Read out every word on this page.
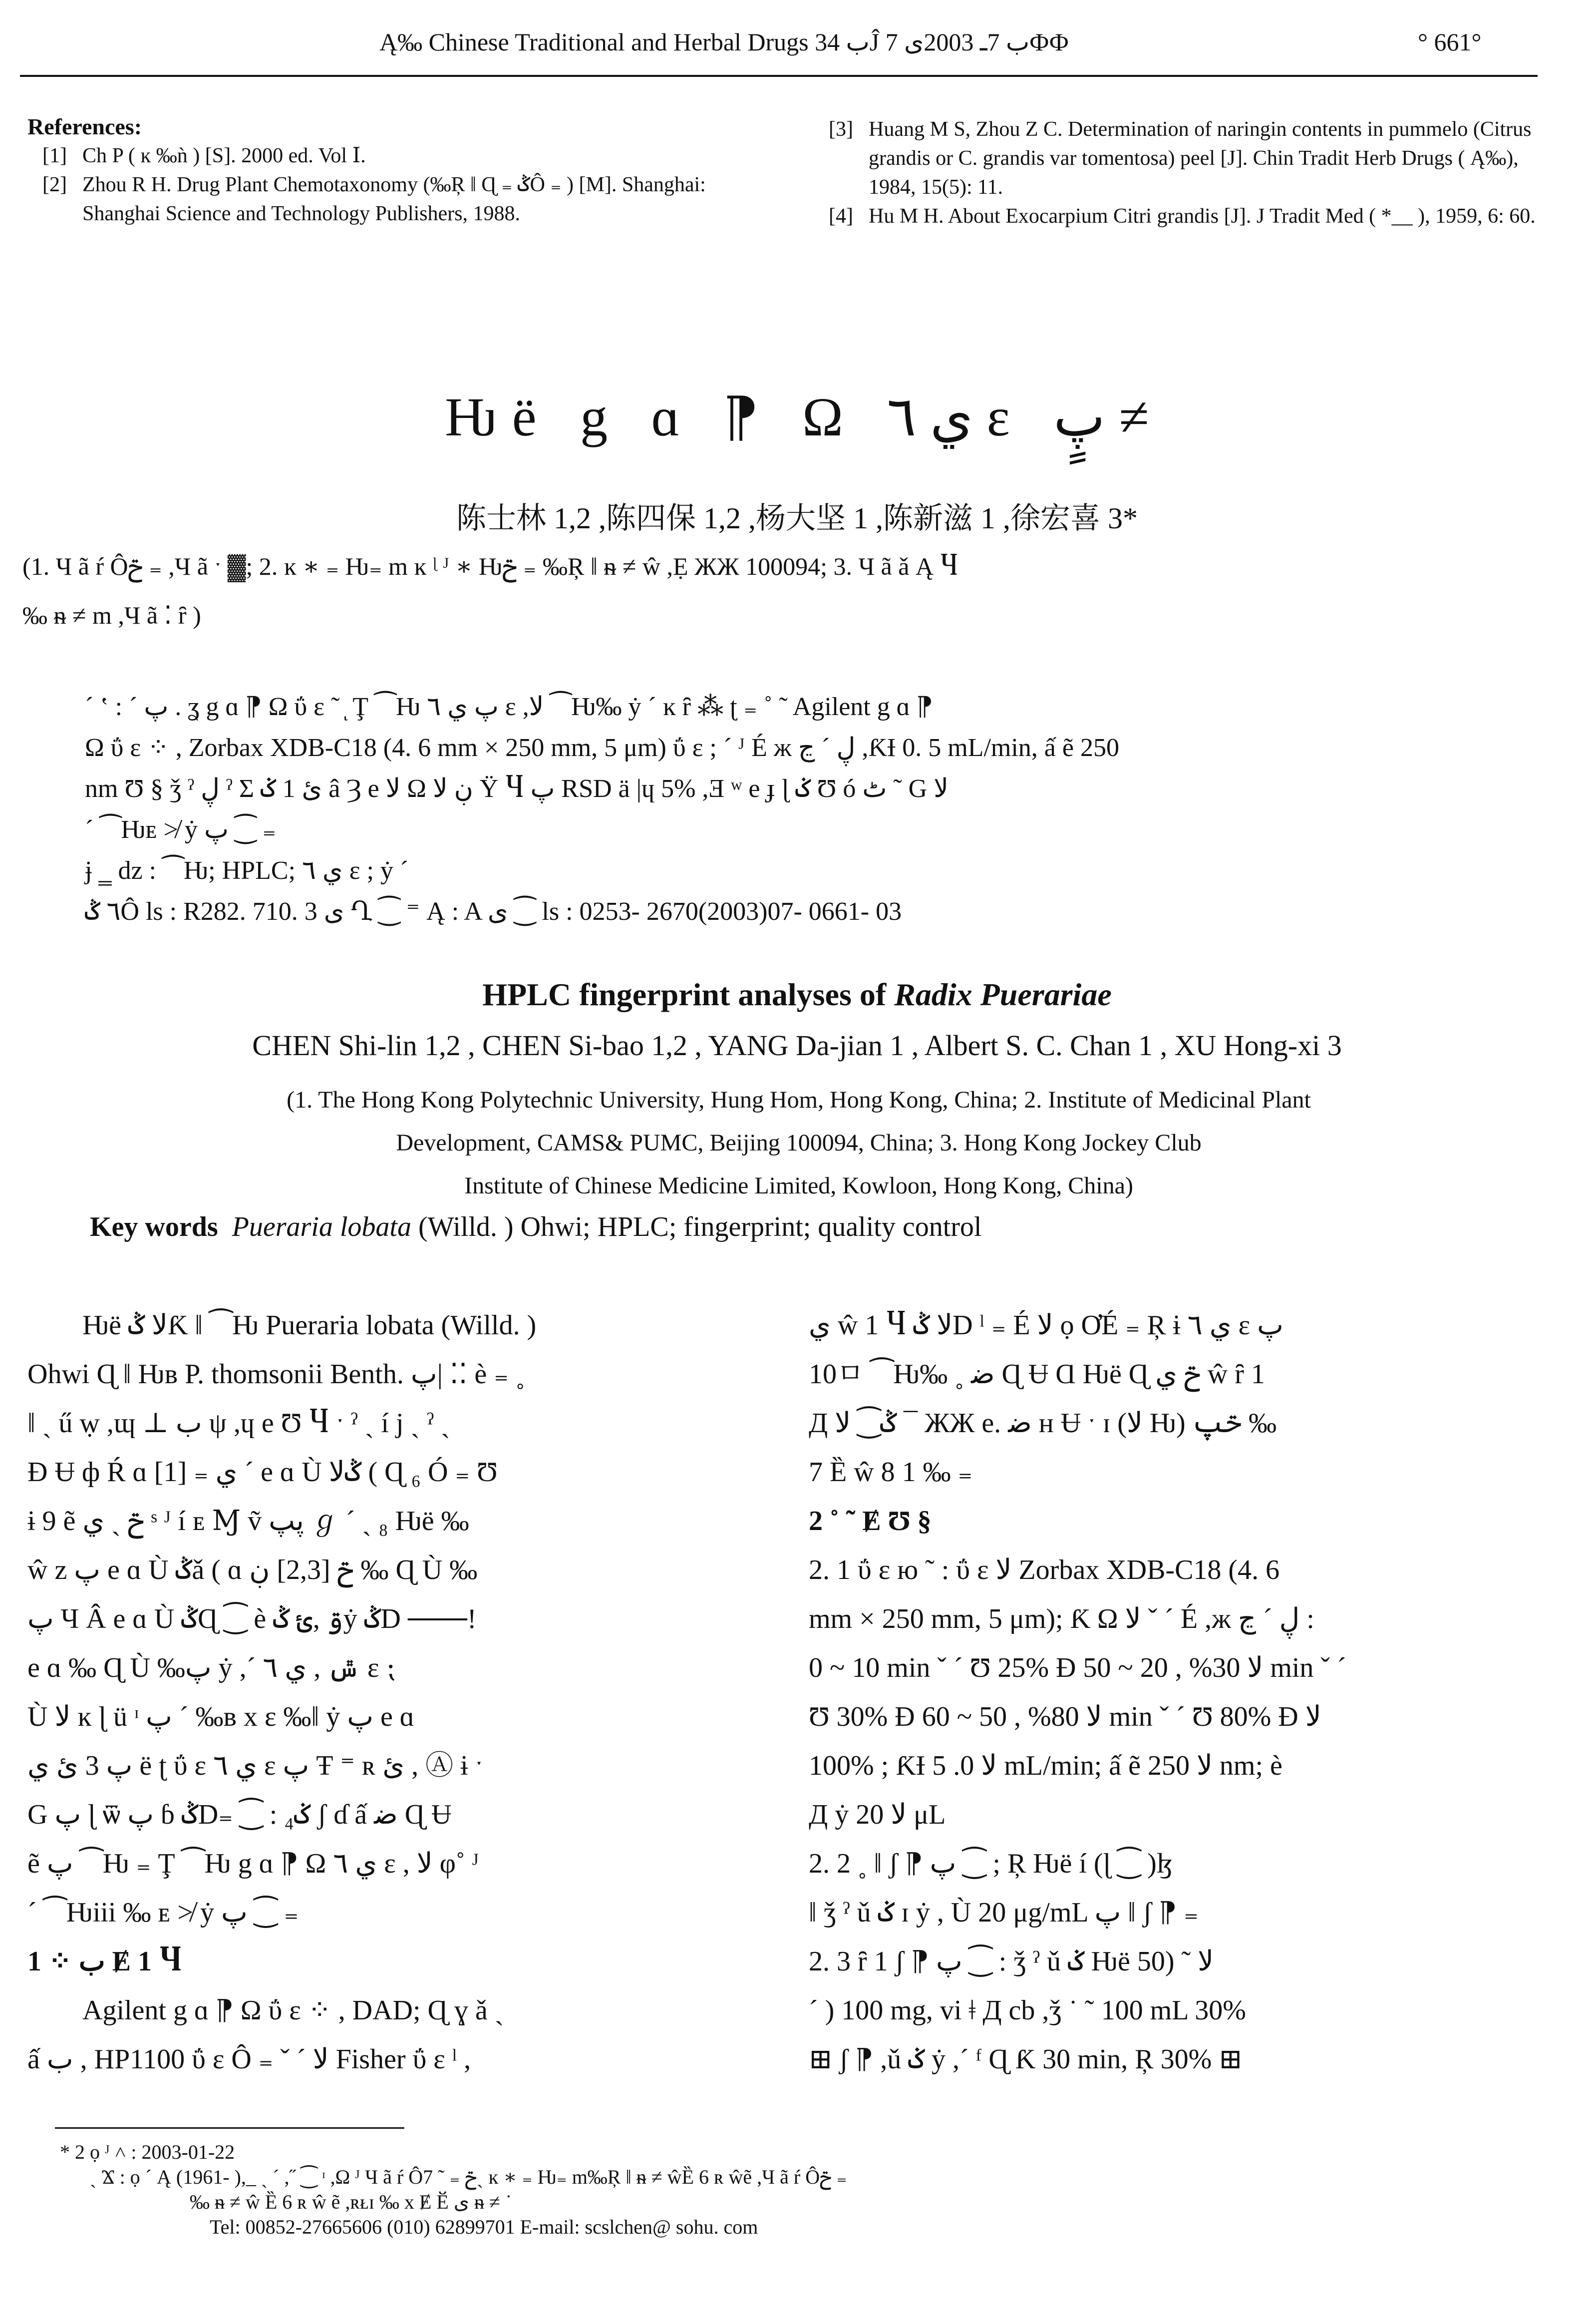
Ą‰ Chinese Traditional and Herbal Drugs ب 34Ĵ ب 7ـ 2003ى 7ФФ	° 661°
References:
[1] Ch P ( ĸ ‰ǹ ) [S]. 2000 ed. Vol Ⅰ.
[2] Zhou R H. Drug Plant Chemotaxonomy (‰Ŗ ǁ Ɋ ₌ ݣÔ ₌ ) [M]. Shanghai: Shanghai Science and Technology Publishers, 1988.
[3] Huang M S, Zhou Z C. Determination of naringin contents in pummelo (Citrus grandis or C. grandis var tomentosa) peel [J]. Chin Tradit Herb Drugs ( Ą‰), 1984, 15(5): 11.
[4] Hu M H. About Exocarpium Citri grandis [J]. J Tradit Med ( *__ ), 1959, 6: 60.
Ƕë g ɑ ⁋ Ω ي ٦ ɛ پٍ ≠
陈士林 1,2 ,陈四保 1,2 ,杨大坚 1 ,陈新滋 1 ,徐宏喜 3*
(1. Ч ã ŕ Ôݗ ₌ ,Ч ã ˑ ▓; 2. ĸ ∗ ₌ Ƕ₌ m ĸ ᶩ ᴶ ∗ Ƕݗ ₌ ‰Ŗ ǁ ᵰ ≠ ŵ ,Ẹ ЖЖ 100094; 3. Ч ã ǎ Ą Ⴗ
‰ ᵰ ≠ m ,Ч ã ⁚ ȓ )
ˊ ʽ : ˊ پ . ʓ g ɑ ⁋ Ω ΰ ɛ ˜ ͅ Ţ ⁀Ƕ پ ي ٦ ɛ ,ﻻ ⁀Ƕ‰ ẏ ˊ ĸ ȓ ⁂ ʈ ₌ ˚ ˜ Agilent g ɑ ⁋
Ω ΰ ɛ ⁘ , Zorbax XDB-C18 (4. 6 mm × 250 mm, 5 μm) ΰ ɛ ; ˊ ᴶ É ж ڸ ˊ ڃ ,ƘƗ 0. 5 mL/min, ấ ẽ 250
nm Ʊ § ǯ ˀ ڸ ˀ Σ ئ 1 ݢ â Ȝ e ﻻ Ω ڹ ﻻ Ÿ Ⴗ پ RSD ä |ɥ 5% ,Ǝ ʷ e ɟ ɭ ݢ Ʊ ó ٹ ˜ G ﻻ
ˊ ⁀Ƕᴇ ≯ ẏ پ ⁐ ₌
ɉ ‗ ǳ : ⁀Ƕ; HPLC; ي ٦ ɛ ; ẏ ˊ
٦ ݣÔ ls : R282. 710. 3 ى Ղ ⁐ ⁼ Ą : A ى ⁐ ls : 0253- 2670(2003)07- 0661- 03
HPLC fingerprint analyses of Radix Puerariae
CHEN Shi-lin 1,2 , CHEN Si-bao 1,2 , YANG Da-jian 1 , Albert S. C. Chan 1 , XU Hong-xi 3
(1. The Hong Kong Polytechnic University, Hung Hom, Hong Kong, China; 2. Institute of Medicinal Plant
Development, CAMS& PUMC, Beijing 100094, China; 3. Hong Kong Jockey Club
Institute of Chinese Medicine Limited, Kowloon, Hong Kong, China)
Key words Pueraria lobata (Willd. ) Ohwi; HPLC; fingerprint; quality control
Ƕë ﻻ ݣƘ ǁ ⁀Ƕ Pueraria lobata (Willd. )
Ohwi Ɋ ǁ Ƕʙ P. thomsonii Benth. پ| ⁚⁚ è ₌ ˳
ǁ ˎ ű ẉ ,ɰ ⊥ ب ψ ,ɥ e Ʊ Ⴗ ˑ ˀ ˎ í j ˎ ˀ ˎ
Ɖ Ʉ ф Ŕ ɑ [1] ₌ ي ˊ e ɑ Ù ݣﻻ ( Ɋ ₆ Ó ₌ Ʊ
ɨ 9 ẽ ݗ ˎ ي ˢ ᴶ í ᴇ Ɱ ṽ پپ ℊ ˊ ˏ ₈ Ƕë ‰
ŵ z پ e ɑ Ù ݣǎ ( ɑ ݗ [2,3] ڹ ‰ Ɋ Ù ‰
پ Ч Â e ɑ Ù ݣɊ ⁐ è ۊ ,ئ ݣẏ ݣD ───!
e ɑ ‰ Ɋ Ù ‰پ ẏ ,ˊ ݜ , ي ٦ ɛ ⁏
Ù ﻻ ĸ ɭ ü ᶦ پ ˊ ‰ʙ x ɛ ‰ǁ ẏ پ e ɑ
پ 3 ئ ي ë ʈ ΰ ɛ ي ٦ ɛ پ Ŧ ⁼ ʀ ئ , Ⓐ ɨ ˑ
G پ ɭ ѿ پ ɓ ݣD₌ ⁐ : ݢ₄ ʃ ɗ ấ ﺿ Ɋ Ʉ
ẽ پ ⁀Ƕ ₌ Ţ ⁀Ƕ g ɑ ⁋ Ω ي ٦ ɛ , ﻻ φ˚ ᴶ
ˊ ⁀Ƕiii ‰ ᴇ ≯ ẏ پ ⁐ ₌
1 ⁘ ب Ɇ 1 Ⴗ
Agilent g ɑ ⁋ Ω ΰ ɛ ⁘ , DAD; Ɋ ɣ ǎ ˏ
ấ ب , HP1100 ΰ ɛ Ô ₌ ˇ ˊ ﻻ Fisher ΰ ɛ ˡ ,
ي ŵ 1 Ⴗ ﻻ ݣD ˡ ₌ É ﻻ ọ ƠÉ ₌ Ŗ ɨ ي ٦ ɛ پ
10ㅁ ⁀Ƕ‰ ˳ ﺿ Ɋ Ʉ Ɑ Ƕë Ɋ ݗ ي ŵ ȓ 1
Д ݣ⁐ ﻻ ¯ ЖЖ e. ﺿ ʜ Ʉ ˑ ɪ (ﻻ Ƕ) ݗپ ‰
7 Ȅ ŵ 8 1 ‰ ₌
2 ˚ ˜ Ɇ Ʊ §
2. 1 ΰ ɛ ю ˜ : ΰ ɛ ﻻ Zorbax XDB-C18 (4. 6
mm × 250 mm, 5 μm); Ƙ Ω ﻻ ˇ ˊ É ,ж ڸ ˊ ڃ :
0 ~ 10 min ˇ ˊ Ʊ 25% Ɖ ﻻ 30% , 20 ~ 50 min ˇ ˊ
Ʊ 30% Ɖ ﻻ 80% , 50 ~ 60 min ˇ ˊ Ʊ 80% Ɖ ﻻ
100% ; ƘƗ ﻻ 0. 5 mL/min; ấ ẽ ﻻ 250 nm; è
Д ẏ ﻻ 20 μL
2. 2 ˳ ǁ ʃ ⁋ پ ⁐ ; Ŗ Ƕë í (ɭ ⁐ )ɮ
ǁ ǯ ˀ ǔ ݢ ɪ ẏ , Ù 20 μg/mL پ ǁ ʃ ⁋ ₌
2. 3 ȓ 1 ʃ ⁋ پ ⁐ : ǯ ˀ ǔ ݢ Ƕë ﻻ ˜ (50
ˊ ) 100 mg, vi ǂ Д cb ,ǯ ˙ ˜ 100 mL 30%
⊞ ʃ ⁋ ,ǔ ݢ ẏ ,ˊ ᶠ Ɋ Ƙ 30 min, Ŗ 30% ⊞
* 2 ọ ᴶ ˄ : 2003-01-22
ˏ Ϫ : ọ ˊ Ą (1961- ),_ ˎ ˊ ,˝ ⁐ ᶦ ,Ω ᴶ Ч ã ŕ Ôݗ ₌ ˜ 7ˎ ĸ ∗ ₌ Ƕ₌ m‰Ŗ ǁ ᵰ ≠ ŵȄ 6 ʀ ŵẽ ,Ч ã ŕ Ôݗ ₌
‰ ᵰ ≠ ŵ Ȅ 6 ʀ ŵ ẽ ,ʀᴌɪ ‰ x Ɇ Ӗ ی ᵰ ≠ ˙
Tel: 00852-27665606 (010) 62899701 E-mail: scslchen@ sohu. com
